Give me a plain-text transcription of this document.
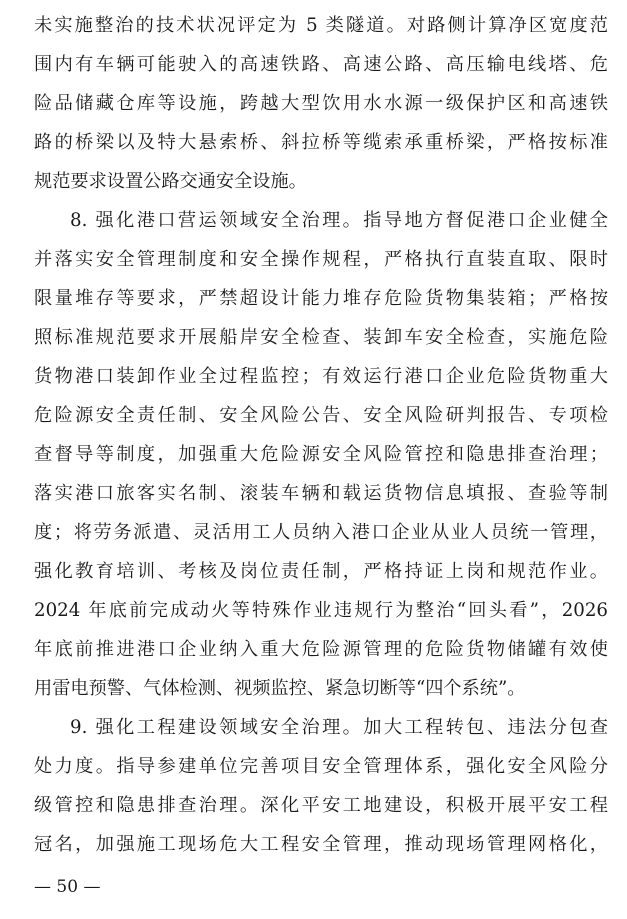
未实施整治的技术状况评定为 5 类隧道。对路侧计算净区宽度范
围内有车辆可能驶入的高速铁路、高速公路、高压输电线塔、危
险品储藏仓库等设施，跨越大型饮用水水源一级保护区和高速铁
路的桥梁以及特大悬索桥、斜拉桥等缆索承重桥梁，严格按标准
规范要求设置公路交通安全设施。
8. 强化港口营运领域安全治理。指导地方督促港口企业健全
并落实安全管理制度和安全操作规程，严格执行直装直取、限时
限量堆存等要求，严禁超设计能力堆存危险货物集装箱；严格按
照标准规范要求开展船岸安全检查、装卸车安全检查，实施危险
货物港口装卸作业全过程监控；有效运行港口企业危险货物重大
危险源安全责任制、安全风险公告、安全风险研判报告、专项检
查督导等制度，加强重大危险源安全风险管控和隐患排查治理；
落实港口旅客实名制、滚装车辆和载运货物信息填报、查验等制
度；将劳务派遣、灵活用工人员纳入港口企业从业人员统一管理，
强化教育培训、考核及岗位责任制，严格持证上岗和规范作业。
2024 年底前完成动火等特殊作业违规行为整治“回头看”，2026
年底前推进港口企业纳入重大危险源管理的危险货物储罐有效使
用雷电预警、气体检测、视频监控、紧急切断等“四个系统”。
9. 强化工程建设领域安全治理。加大工程转包、违法分包查
处力度。指导参建单位完善项目安全管理体系，强化安全风险分
级管控和隐患排查治理。深化平安工地建设，积极开展平安工程
冠名，加强施工现场危大工程安全管理，推动现场管理网格化，
— 50 —
